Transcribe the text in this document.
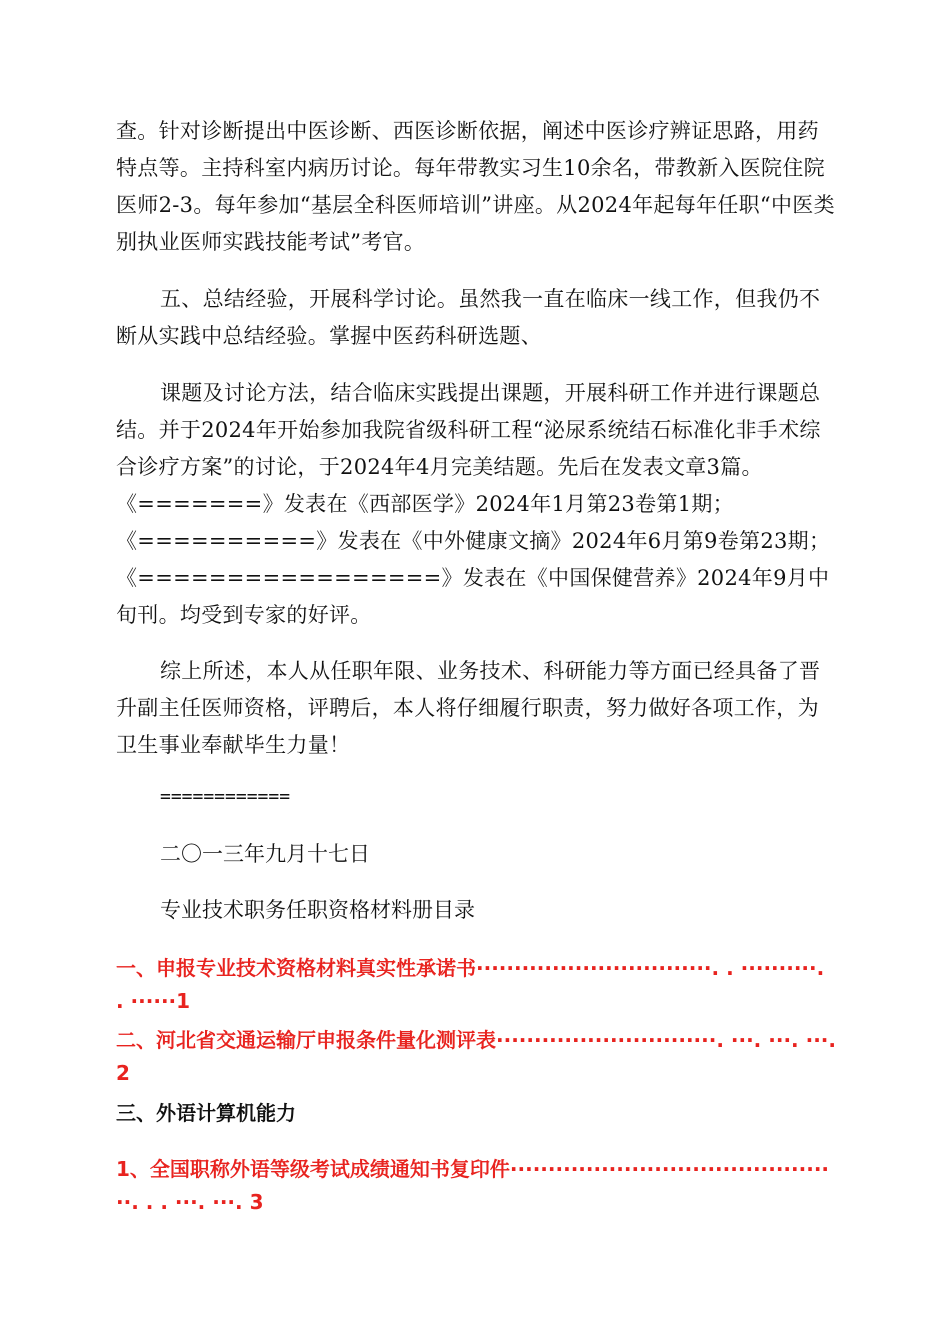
查。针对诊断提出中医诊断、西医诊断依据，阐述中医诊疗辨证思路，用药特点等。主持科室内病历讨论。每年带教实习生10余名，带教新入医院住院医师2-3。每年参加“基层全科医师培训”讲座。从2024年起每年任职“中医类别执业医师实践技能考试”考官。

五、总结经验，开展科学讨论。虽然我一直在临床一线工作，但我仍不断从实践中总结经验。掌握中医药科研选题、

课题及讨论方法，结合临床实践提出课题，开展科研工作并进行课题总结。并于2024年开始参加我院省级科研工程“泌尿系统结石标准化非手术综合诊疗方案”的讨论，于2024年4月完美结题。先后在发表文章3篇。《=======》发表在《西部医学》2024年1月第23卷第1期；《==========》发表在《中外健康文摘》2024年6月第9卷第23期；《=================》发表在《中国保健营养》2024年9月中旬刊。均受到专家的好评。

综上所述，本人从任职年限、业务技术、科研能力等方面已经具备了晋升副主任医师资格，评聘后，本人将仔细履行职责，努力做好各项工作，为卫生事业奉献毕生力量！

============
二〇一三年九月十七日
专业技术职务任职资格材料册目录

一、申报专业技术资格材料真实性承诺书·······························. . ··········. . ······1

二、河北省交通运输厅申报条件量化测评表·····························. ···. ···. ···. 2

三、外语计算机能力

1、全国职称外语等级考试成绩通知书复印件············································. . . ···. ···. 3
